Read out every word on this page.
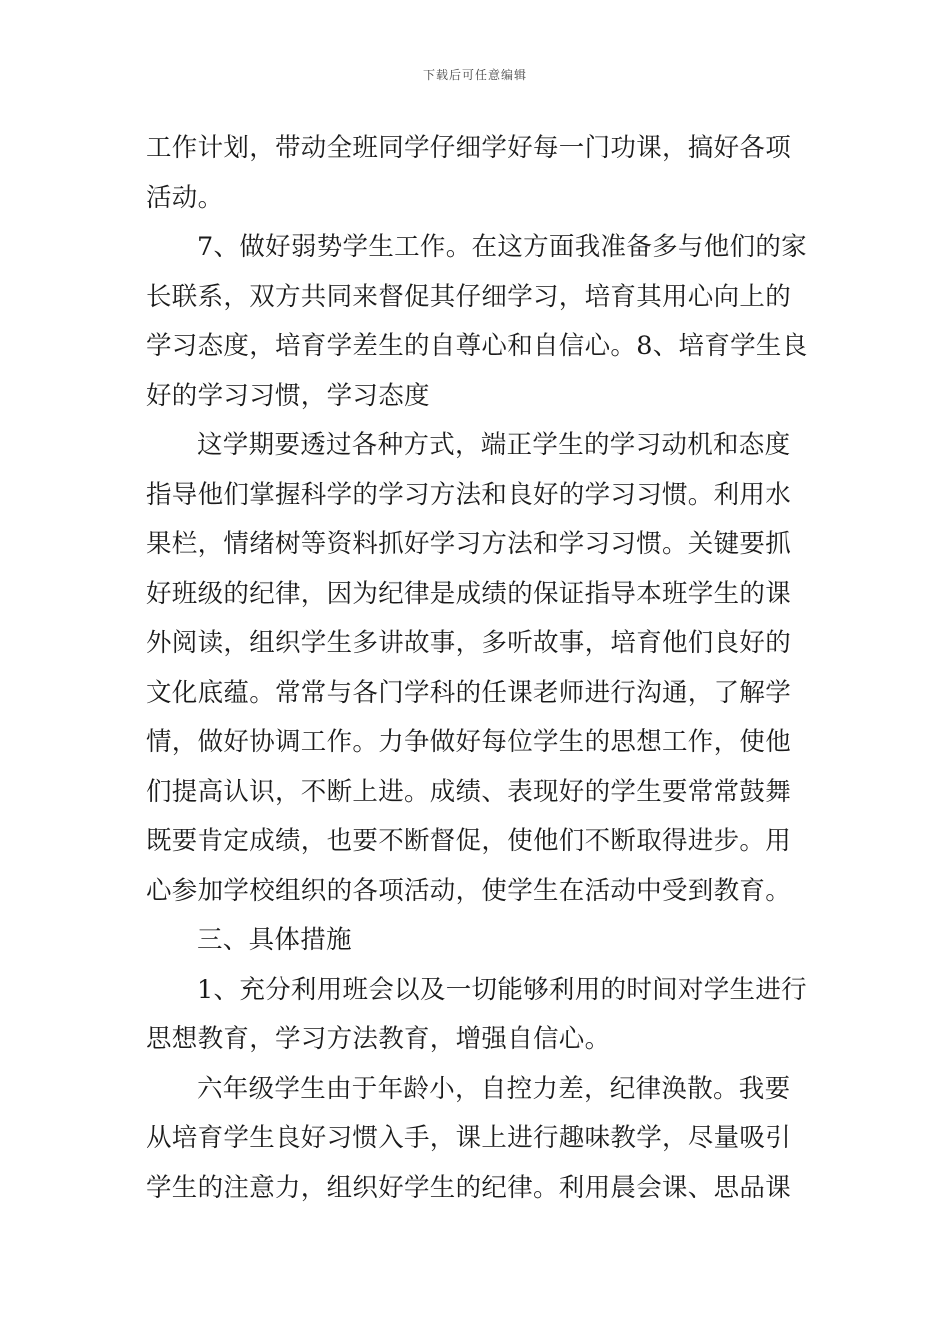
下载后可任意编辑
工作计划，带动全班同学仔细学好每一门功课，搞好各项
活动。
7、做好弱势学生工作。在这方面我准备多与他们的家
长联系，双方共同来督促其仔细学习，培育其用心向上的
学习态度，培育学差生的自尊心和自信心。8、培育学生良
好的学习习惯，学习态度
这学期要透过各种方式，端正学生的学习动机和态度
指导他们掌握科学的学习方法和良好的学习习惯。利用水
果栏，情绪树等资料抓好学习方法和学习习惯。关键要抓
好班级的纪律，因为纪律是成绩的保证指导本班学生的课
外阅读，组织学生多讲故事，多听故事，培育他们良好的
文化底蕴。常常与各门学科的任课老师进行沟通，了解学
情，做好协调工作。力争做好每位学生的思想工作，使他
们提高认识，不断上进。成绩、表现好的学生要常常鼓舞
既要肯定成绩，也要不断督促，使他们不断取得进步。用
心参加学校组织的各项活动，使学生在活动中受到教育。
三、具体措施
1、充分利用班会以及一切能够利用的时间对学生进行
思想教育，学习方法教育，增强自信心。
六年级学生由于年龄小，自控力差，纪律涣散。我要
从培育学生良好习惯入手，课上进行趣味教学，尽量吸引
学生的注意力，组织好学生的纪律。利用晨会课、思品课
